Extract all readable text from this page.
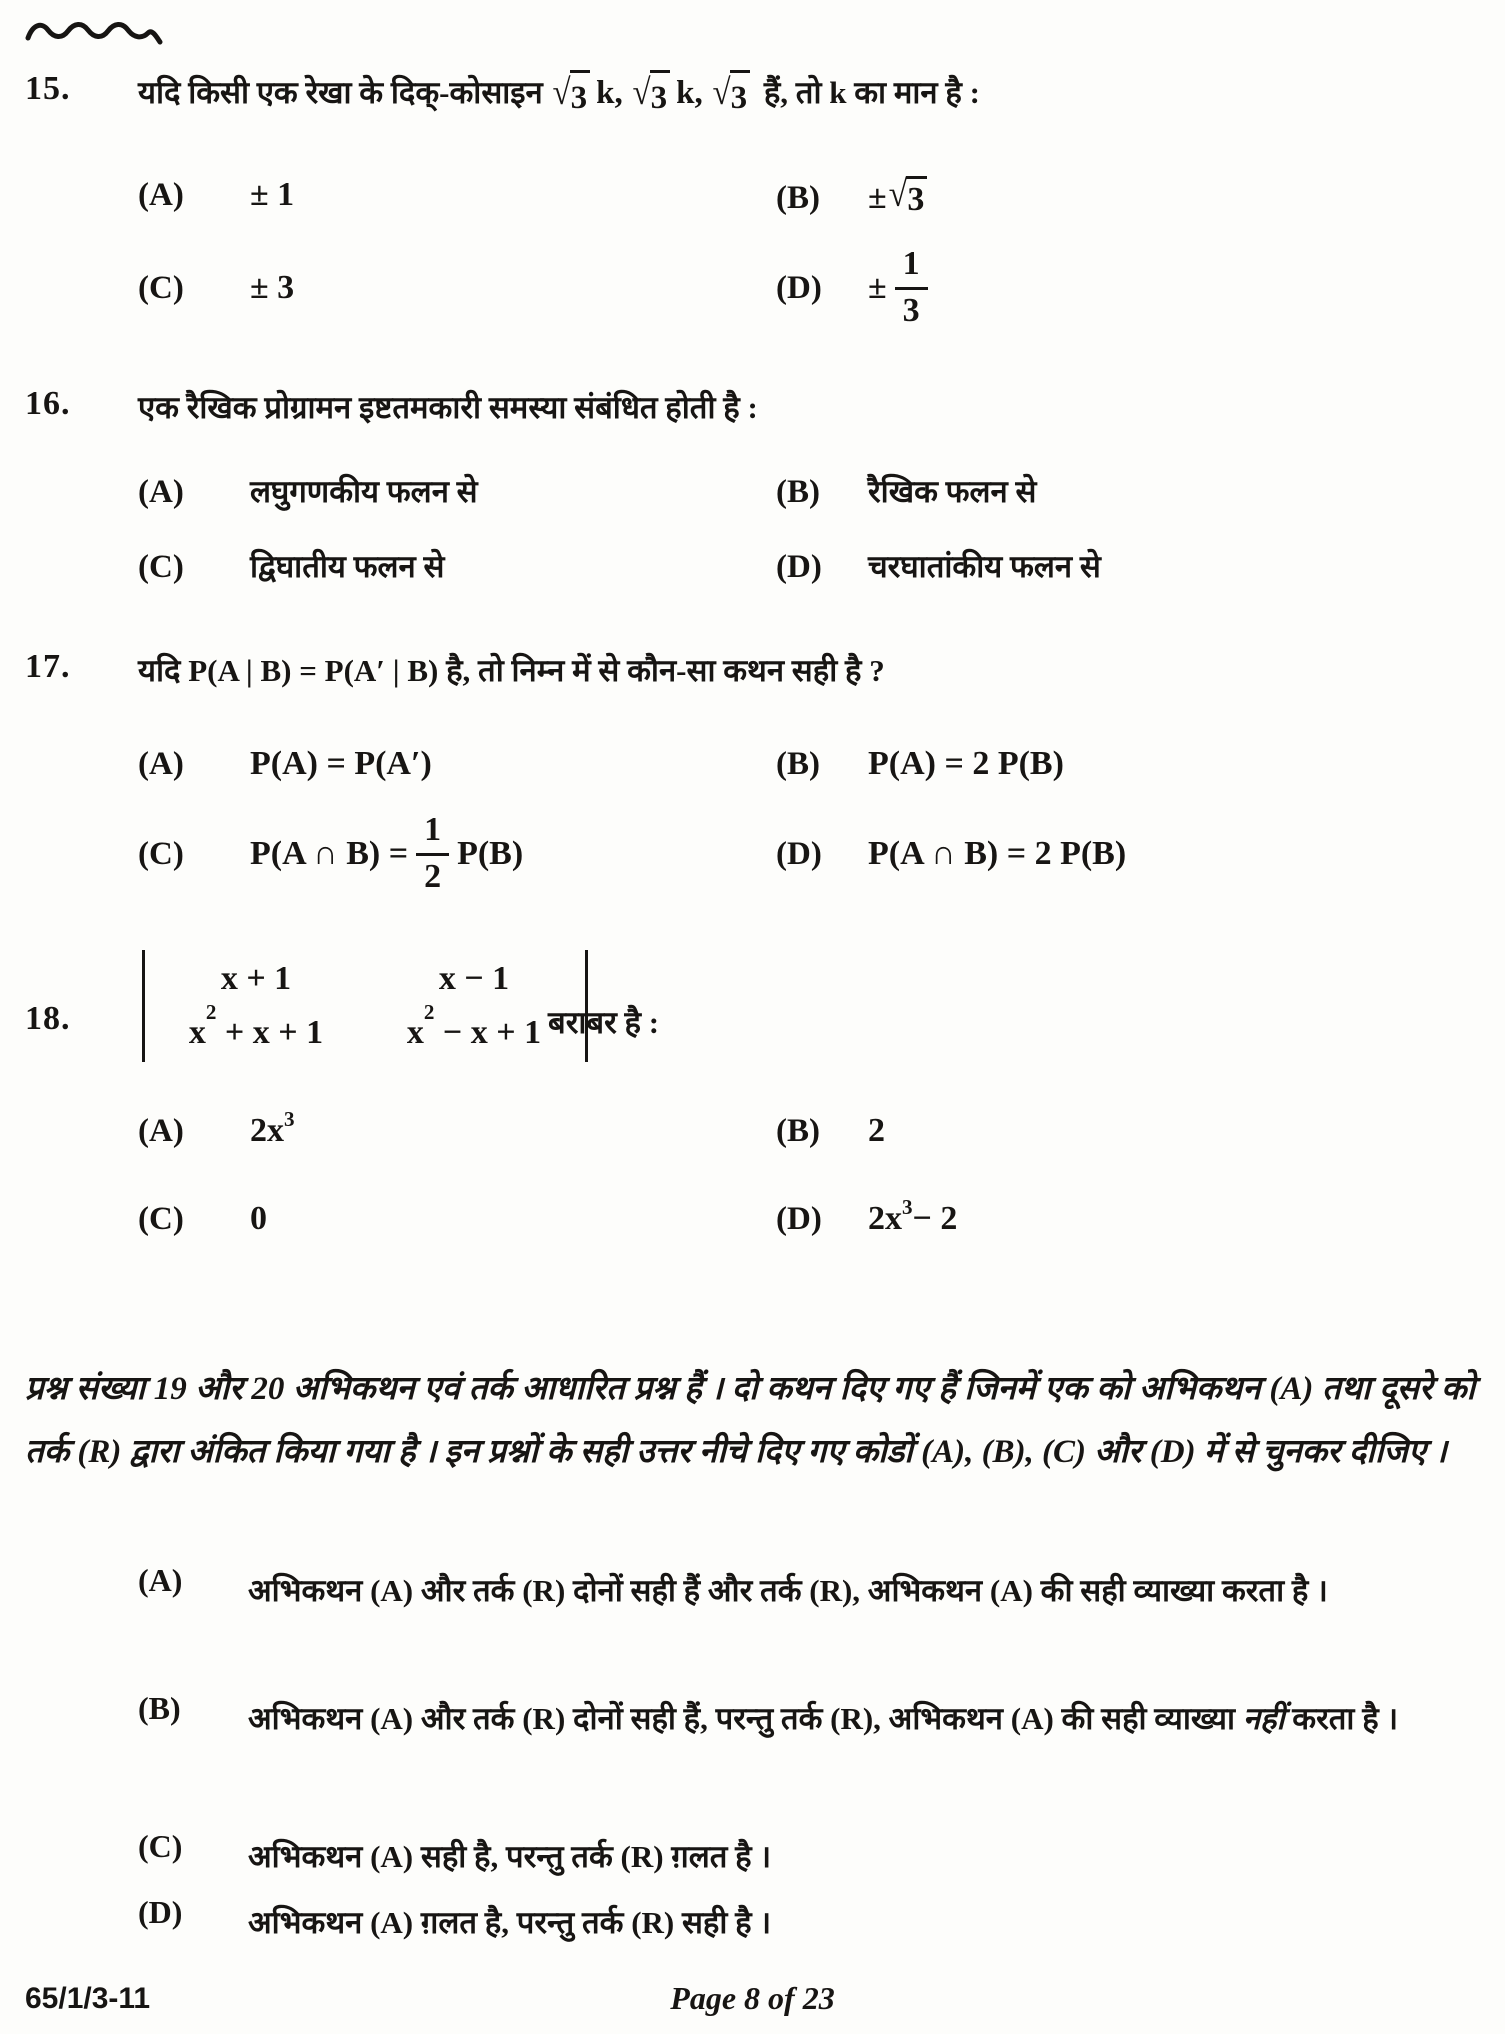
15. यदि किसी एक रेखा के दिक्-कोसाइन √ 3 k, √ 3 k, √ 3 हैं, तो k का मान है :
(A)	± 1	(B)	± √ 3
(C)	± 3	(D)	± $\frac{1}{3}$
16. एक रैखिक प्रोग्रामन इष्टतमकारी समस्या संबंधित होती है :
(A)	लघुगणकीय फलन से	(B)	रैखिक फलन से
(C)	द्विघातीय फलन से	(D)	चरघातांकीय फलन से
17. यदि P(A | B) = P(A′ | B) है, तो निम्न में से कौन-सा कथन सही है ?
(A)	P(A) = P(A′)	(B)	P(A) = 2 P(B)
(C)	P(A ∩ $B) = \frac{1}{2} P(B)$	(D)	P(A ∩ B) = 2 P(B)
18.
x + 1	x − 1
$x^2 + x + 1$	$x^2 - x + 1$ बराबर है :
(A)	$2x^3$	(B)	2
(C)	0	(D)	$2x^3 - 2$
प्रश्न संख्या 19 और 20 अभिकथन एवं तर्क आधारित प्रश्न हैं । दो कथन दिए गए हैं जिनमें एक को अभिकथन (A) तथा दूसरे को तर्क (R) द्वारा अंकित किया गया है । इन प्रश्नों के सही उत्तर नीचे दिए गए कोडों (A), (B), (C) और (D) में से चुनकर दीजिए ।
(A)	अभिकथन (A) और तर्क (R) दोनों सही हैं और तर्क (R), अभिकथन (A) की सही व्याख्या करता है ।
(B)	अभिकथन (A) और तर्क (R) दोनों सही हैं, परन्तु तर्क (R), अभिकथन (A) की सही व्याख्या नहीं करता है ।
(C)	अभिकथन (A) सही है, परन्तु तर्क (R) ग़लत है ।
(D)	अभिकथन (A) ग़लत है, परन्तु तर्क (R) सही है ।
65/1/3-11	Page 8 of 23
